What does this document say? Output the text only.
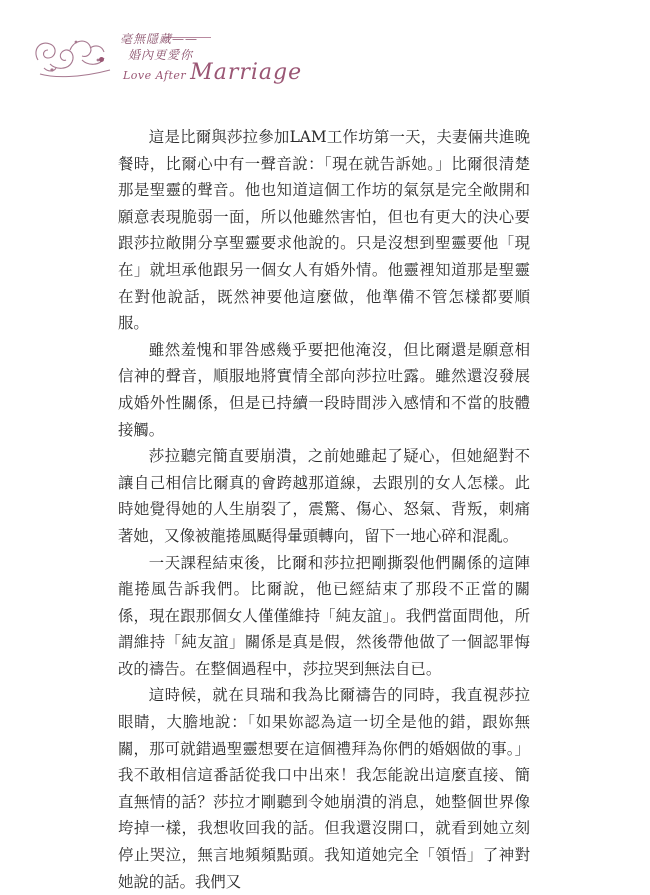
毫無隱藏——
婚內更愛你
Love After Marriage

這是比爾與莎拉參加LAM工作坊第一天，夫妻倆共進晚餐時，比爾心中有一聲音說：「現在就告訴她。」比爾很清楚那是聖靈的聲音。他也知道這個工作坊的氣氛是完全敞開和願意表現脆弱一面，所以他雖然害怕，但也有更大的決心要跟莎拉敞開分享聖靈要求他說的。只是沒想到聖靈要他「現在」就坦承他跟另一個女人有婚外情。他靈裡知道那是聖靈在對他說話，既然神要他這麼做，他準備不管怎樣都要順服。

雖然羞愧和罪咎感幾乎要把他淹沒，但比爾還是願意相信神的聲音，順服地將實情全部向莎拉吐露。雖然還沒發展成婚外性關係，但是已持續一段時間涉入感情和不當的肢體接觸。

莎拉聽完簡直要崩潰，之前她雖起了疑心，但她絕對不讓自己相信比爾真的會跨越那道線，去跟別的女人怎樣。此時她覺得她的人生崩裂了，震驚、傷心、怒氣、背叛，刺痛著她，又像被龍捲風颳得暈頭轉向，留下一地心碎和混亂。

一天課程結束後，比爾和莎拉把剛撕裂他們關係的這陣龍捲風告訴我們。比爾說，他已經結束了那段不正當的關係，現在跟那個女人僅僅維持「純友誼」。我們當面問他，所謂維持「純友誼」關係是真是假，然後帶他做了一個認罪悔改的禱告。在整個過程中，莎拉哭到無法自已。

這時候，就在貝瑞和我為比爾禱告的同時，我直視莎拉眼睛，大膽地說：「如果妳認為這一切全是他的錯，跟妳無關，那可就錯過聖靈想要在這個禮拜為你們的婚姻做的事。」我不敢相信這番話從我口中出來！我怎能說出這麼直接、簡直無情的話？莎拉才剛聽到令她崩潰的消息，她整個世界像垮掉一樣，我想收回我的話。但我還沒開口，就看到她立刻停止哭泣，無言地頻頻點頭。我知道她完全「領悟」了神對她說的話。我們又
